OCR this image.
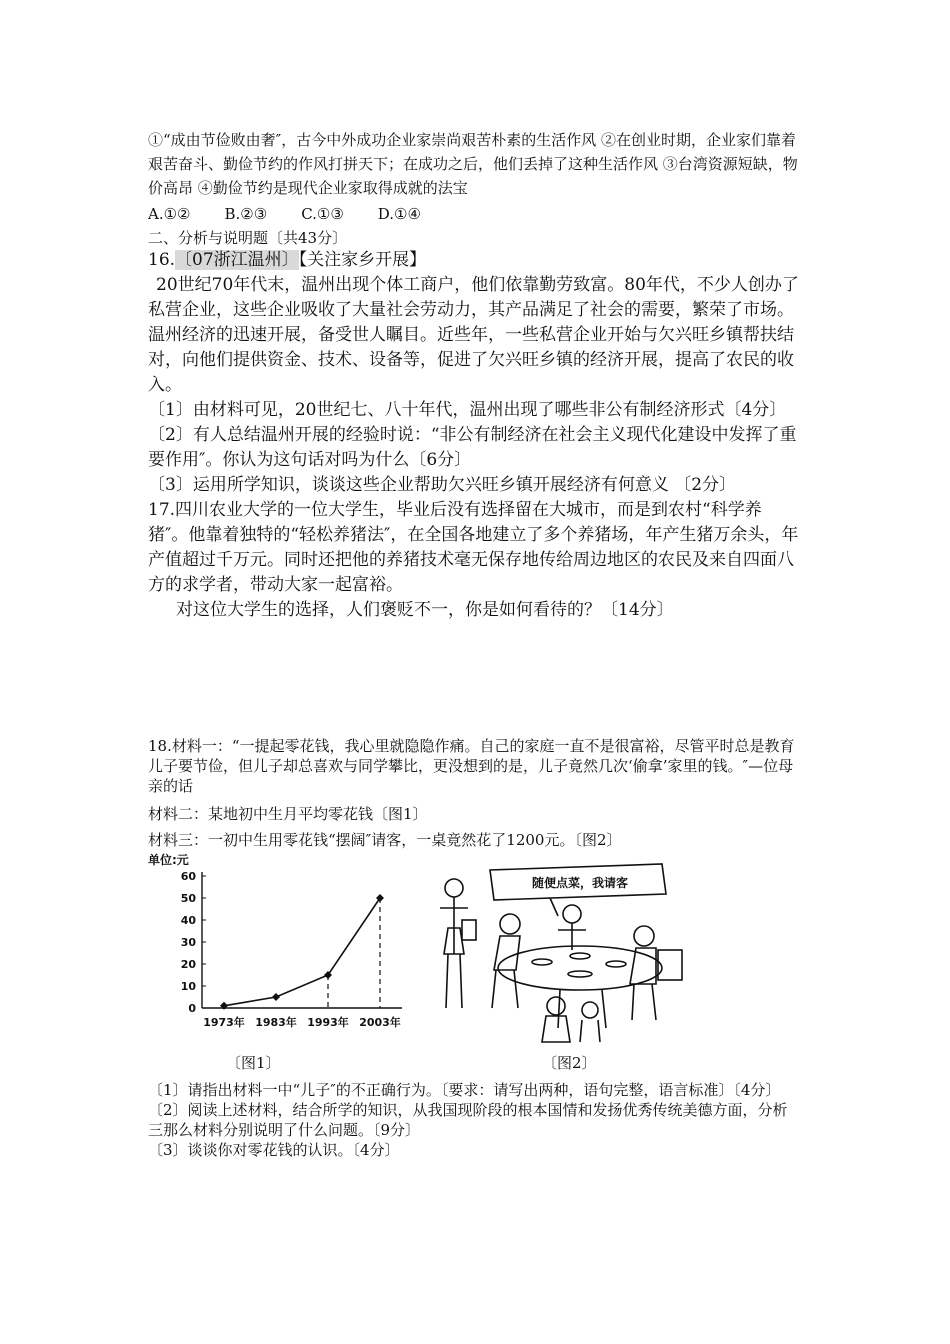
①“成由节俭败由奢″，古今中外成功企业家崇尚艰苦朴素的生活作风 ②在创业时期，企业家们靠着艰苦奋斗、勤俭节约的作风打拼天下；在成功之后，他们丢掉了这种生活作风 ③台湾资源短缺，物价高昂 ④勤俭节约是现代企业家取得成就的法宝

A.①② B.②③ C.①③ D.①④

二、分析与说明题〔共43分〕

16.〔07浙江温州〕【关注家乡开展】

20世纪70年代末，温州出现个体工商户，他们依靠勤劳致富。80年代，不少人创办了私营企业，这些企业吸收了大量社会劳动力，其产品满足了社会的需要，繁荣了市场。温州经济的迅速开展，备受世人瞩目。近些年，一些私营企业开始与欠兴旺乡镇帮扶结对，向他们提供资金、技术、设备等，促进了欠兴旺乡镇的经济开展，提高了农民的收入。

〔1〕由材料可见，20世纪七、八十年代，温州出现了哪些非公有制经济形式〔4分〕

〔2〕有人总结温州开展的经验时说：“非公有制经济在社会主义现代化建设中发挥了重要作用″。你认为这句话对吗为什么〔6分〕

〔3〕运用所学知识，谈谈这些企业帮助欠兴旺乡镇开展经济有何意义 〔2分〕

17.四川农业大学的一位大学生，毕业后没有选择留在大城市，而是到农村“科学养猪″。他靠着独特的“轻松养猪法″，在全国各地建立了多个养猪场，年产生猪万余头，年产值超过千万元。同时还把他的养猪技术毫无保存地传给周边地区的农民及来自四面八方的求学者，带动大家一起富裕。

对这位大学生的选择，人们褒贬不一，你是如何看待的？〔14分〕

18.材料一：“一提起零花钱，我心里就隐隐作痛。自己的家庭一直不是很富裕，尽管平时总是教育儿子要节俭，但儿子却总喜欢与同学攀比，更没想到的是，儿子竟然几次‘偷拿’家里的钱。″—位母亲的话

材料二：某地初中生月平均零花钱〔图1〕

材料三：一初中生用零花钱“摆阔″请客，一桌竟然花了1200元。〔图2〕

单位:元
0
10
20
30
40
50
60
1973年 1983年 1993年 2003年
随便点菜，我请客
〔图1〕	〔图2〕

〔1〕请指出材料一中“儿子″的不正确行为。〔要求：请写出两种，语句完整，语言标准〕〔4分〕

〔2〕阅读上述材料，结合所学的知识，从我国现阶段的根本国情和发扬优秀传统美德方面，分析三那么材料分别说明了什么问题。〔9分〕

〔3〕谈谈你对零花钱的认识。〔4分〕
